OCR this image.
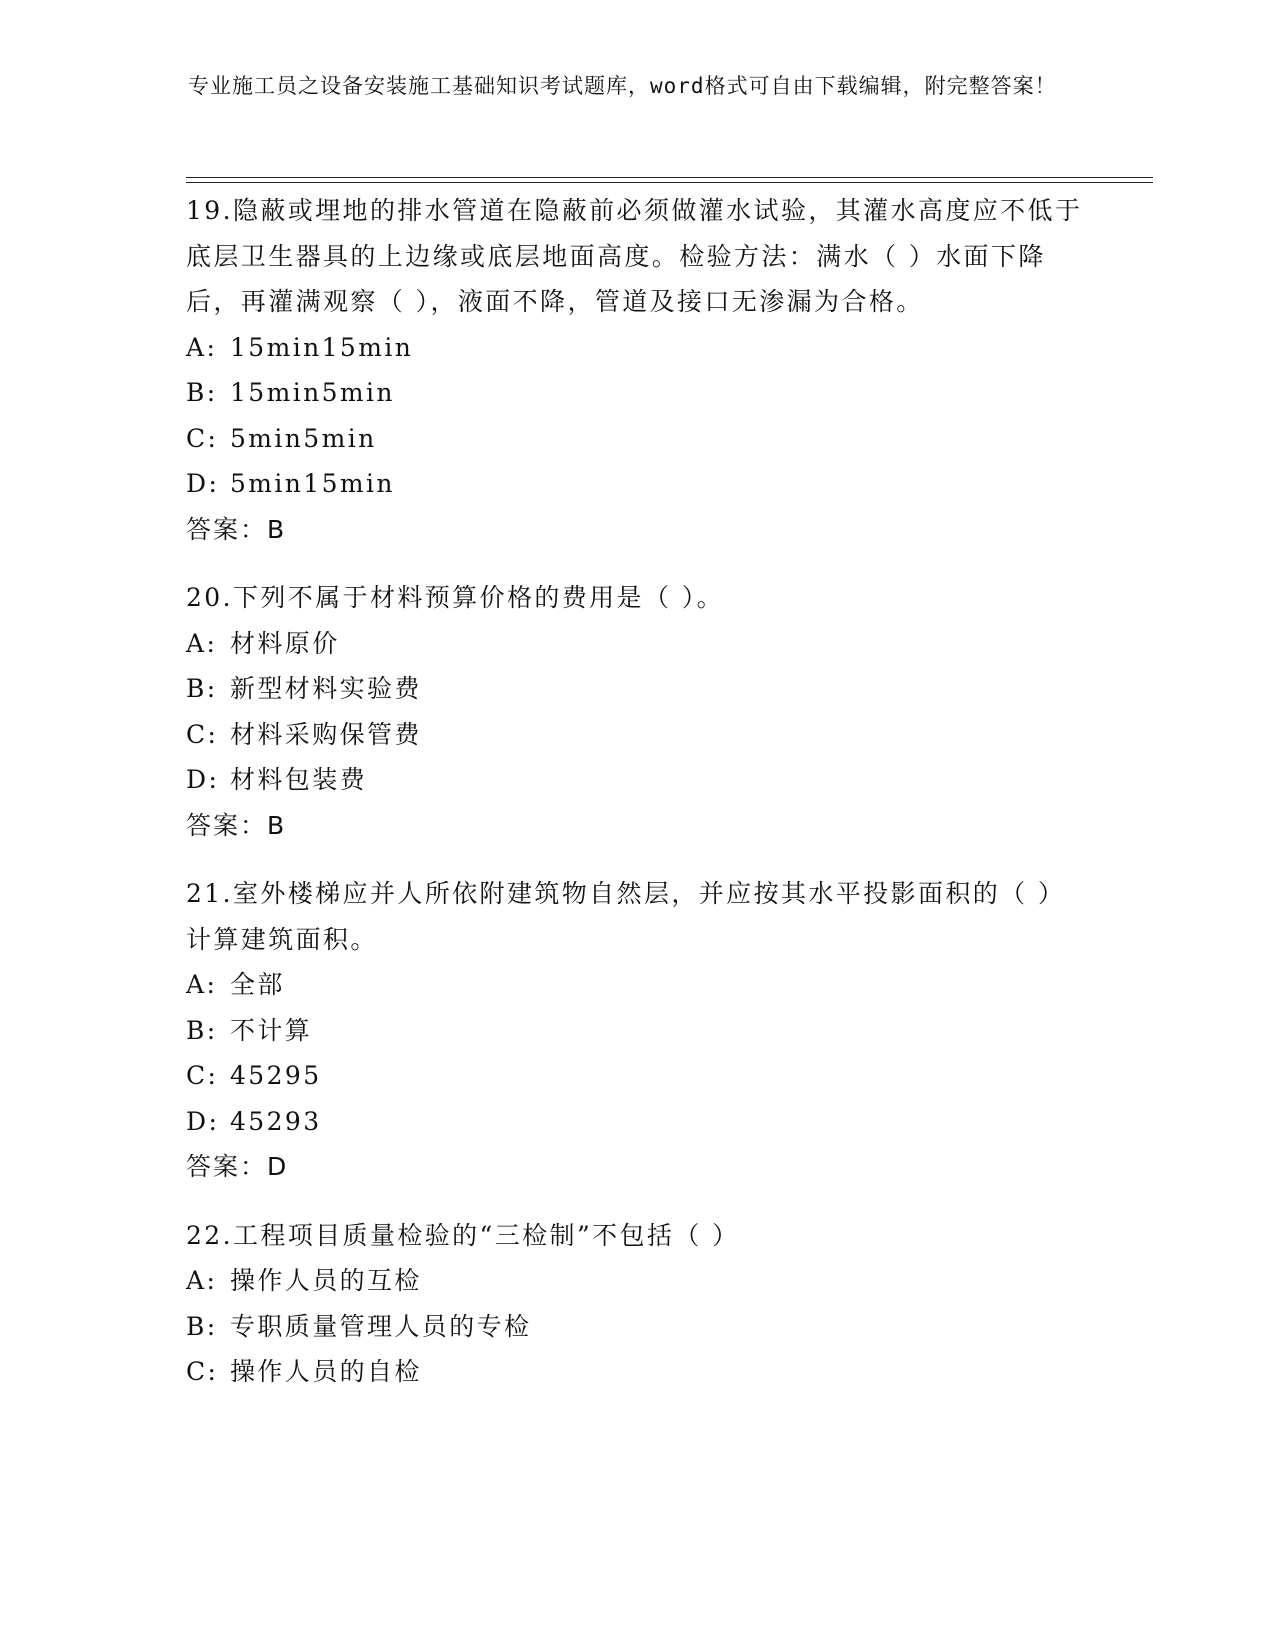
专业施工员之设备安装施工基础知识考试题库，word格式可自由下载编辑，附完整答案！

19.隐蔽或埋地的排水管道在隐蔽前必须做灌水试验，其灌水高度应不低于底层卫生器具的上边缘或底层地面高度。检验方法：满水（ ）水面下降后，再灌满观察（ ），液面不降，管道及接口无渗漏为合格。

A: 15min15min
B: 15min5min
C: 5min5min
D: 5min15min
答案：B

20.下列不属于材料预算价格的费用是（ ）。

A: 材料原价
B: 新型材料实验费
C: 材料采购保管费
D: 材料包装费
答案：B

21.室外楼梯应并人所依附建筑物自然层，并应按其水平投影面积的（ ）计算建筑面积。

A: 全部
B: 不计算
C: 45295
D: 45293
答案：D

22.工程项目质量检验的“三检制”不包括（ ）

A: 操作人员的互检
B: 专职质量管理人员的专检
C: 操作人员的自检
